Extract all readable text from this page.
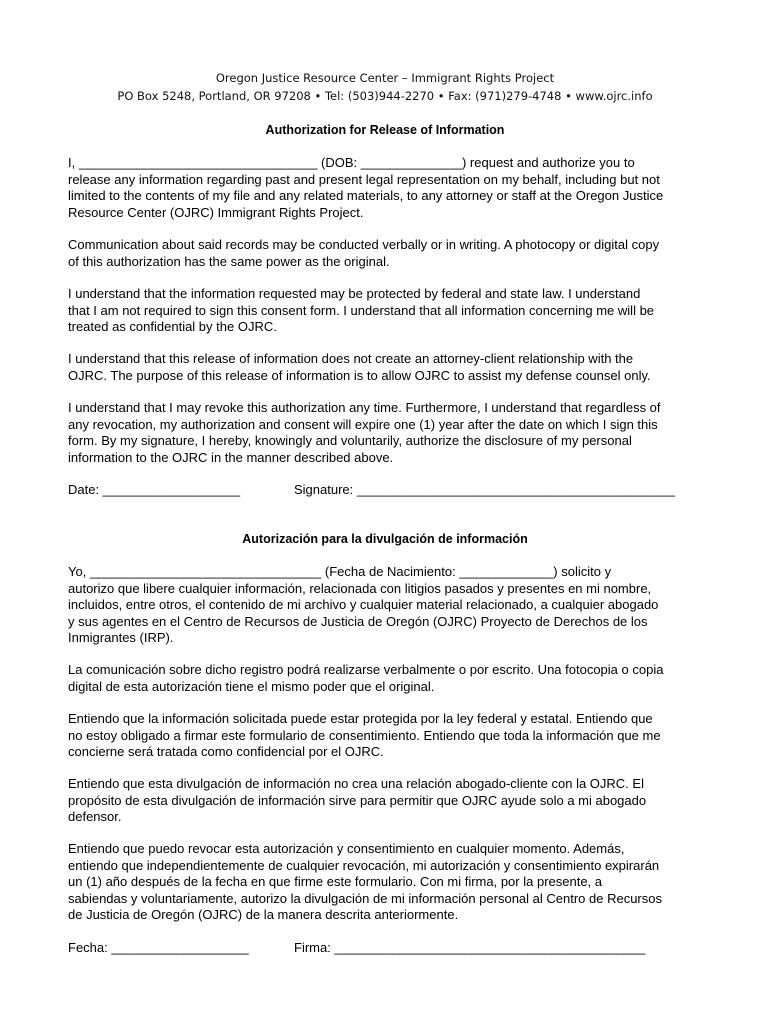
Oregon Justice Resource Center – Immigrant Rights Project
PO Box 5248, Portland, OR 97208 • Tel: (503)944-2270 • Fax: (971)279-4748 • www.ojrc.info
Authorization for Release of Information
I, _________________________________ (DOB: ______________) request and authorize you to
release any information regarding past and present legal representation on my behalf, including but not
limited to the contents of my file and any related materials, to any attorney or staff at the Oregon Justice
Resource Center (OJRC) Immigrant Rights Project.
Communication about said records may be conducted verbally or in writing. A photocopy or digital copy
of this authorization has the same power as the original.
I understand that the information requested may be protected by federal and state law. I understand
that I am not required to sign this consent form. I understand that all information concerning me will be
treated as confidential by the OJRC.
I understand that this release of information does not create an attorney-client relationship with the
OJRC. The purpose of this release of information is to allow OJRC to assist my defense counsel only.
I understand that I may revoke this authorization any time. Furthermore, I understand that regardless of
any revocation, my authorization and consent will expire one (1) year after the date on which I sign this
form. By my signature, I hereby, knowingly and voluntarily, authorize the disclosure of my personal
information to the OJRC in the manner described above.
Date: ___________________	Signature: ____________________________________________
Autorización para la divulgación de información
Yo, ________________________________ (Fecha de Nacimiento: _____________) solicito y
autorizo que libere cualquier información, relacionada con litigios pasados y presentes en mi nombre,
incluidos, entre otros, el contenido de mi archivo y cualquier material relacionado, a cualquier abogado
y sus agentes en el Centro de Recursos de Justicia de Oregón (OJRC) Proyecto de Derechos de los
Inmigrantes (IRP).
La comunicación sobre dicho registro podrá realizarse verbalmente o por escrito. Una fotocopia o copia
digital de esta autorización tiene el mismo poder que el original.
Entiendo que la información solicitada puede estar protegida por la ley federal y estatal. Entiendo que
no estoy obligado a firmar este formulario de consentimiento. Entiendo que toda la información que me
concierne será tratada como confidencial por el OJRC.
Entiendo que esta divulgación de información no crea una relación abogado-cliente con la OJRC. El
propósito de esta divulgación de información sirve para permitir que OJRC ayude solo a mi abogado
defensor.
Entiendo que puedo revocar esta autorización y consentimiento en cualquier momento. Además,
entiendo que independientemente de cualquier revocación, mi autorización y consentimiento expirarán
un (1) año después de la fecha en que firme este formulario. Con mi firma, por la presente, a
sabiendas y voluntariamente, autorizo la divulgación de mi información personal al Centro de Recursos
de Justicia de Oregón (OJRC) de la manera descrita anteriormente.
Fecha: ___________________	Firma: ___________________________________________
